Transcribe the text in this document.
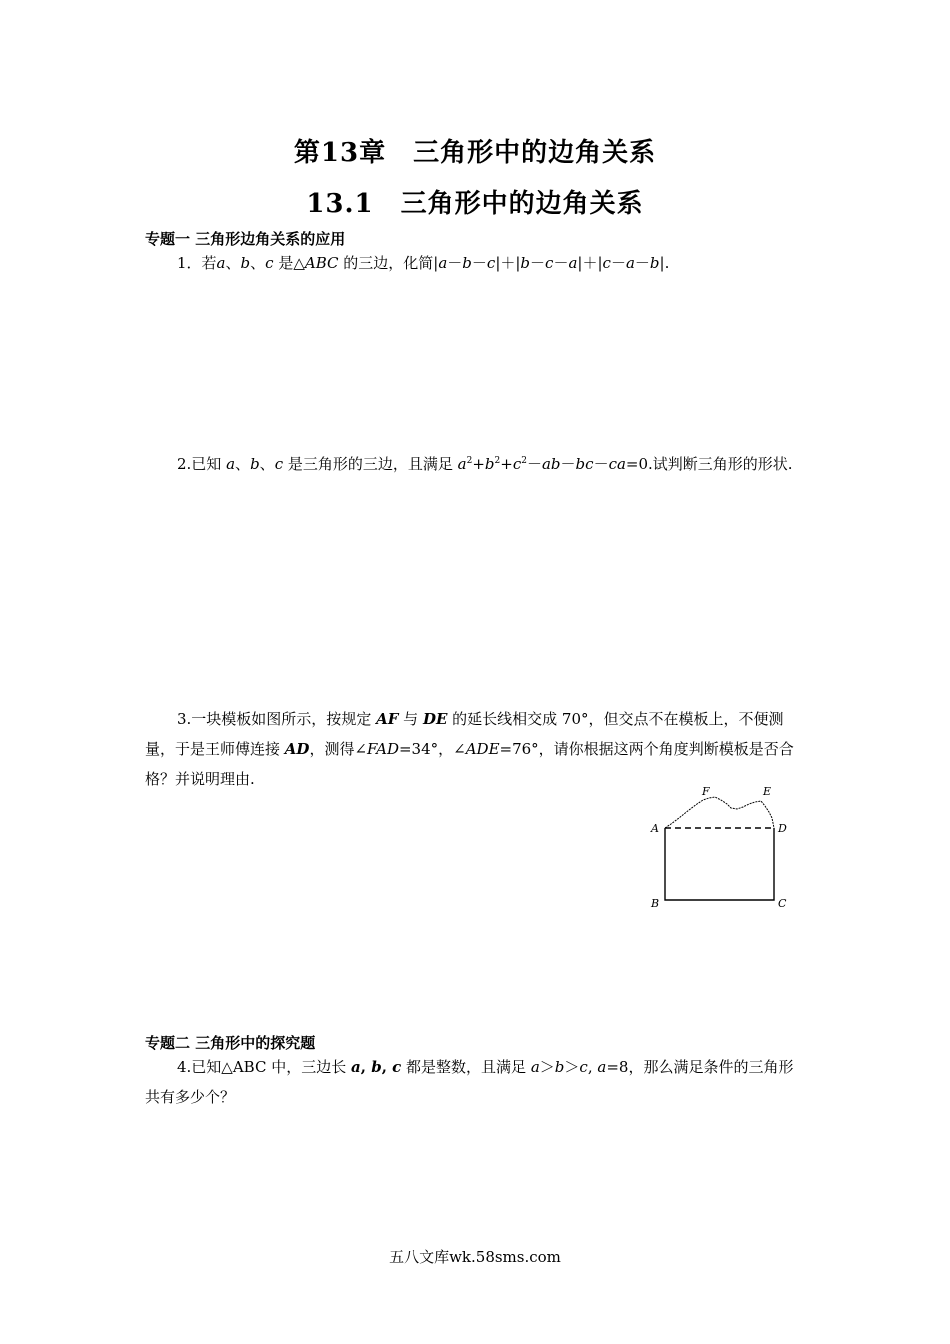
第13章　三角形中的边角关系
13.1　三角形中的边角关系
专题一 三角形边角关系的应用
1．若a、b、c 是△ABC 的三边，化简|a－b－c|＋|b－c－a|＋|c－a－b|.
2.已知 a、b、c 是三角形的三边，且满足 $a^2+b^2+c^2-ab-bc-ca=0$.试判断三角形的形状.
3.一块模板如图所示，按规定 AF 与 DE 的延长线相交成 70°，但交点不在模板上，不便测量，于是王师傅连接 AD，测得∠FAD=34°，∠ADE=76°，请你根据这两个角度判断模板是否合格？并说明理由.
A
B	C
D
E
F
专题二 三角形中的探究题
4.已知△ABC 中，三边长 a, b, c 都是整数，且满足 a＞b＞c, a=8，那么满足条件的三角形共有多少个？
五八文库wk.58sms.com
